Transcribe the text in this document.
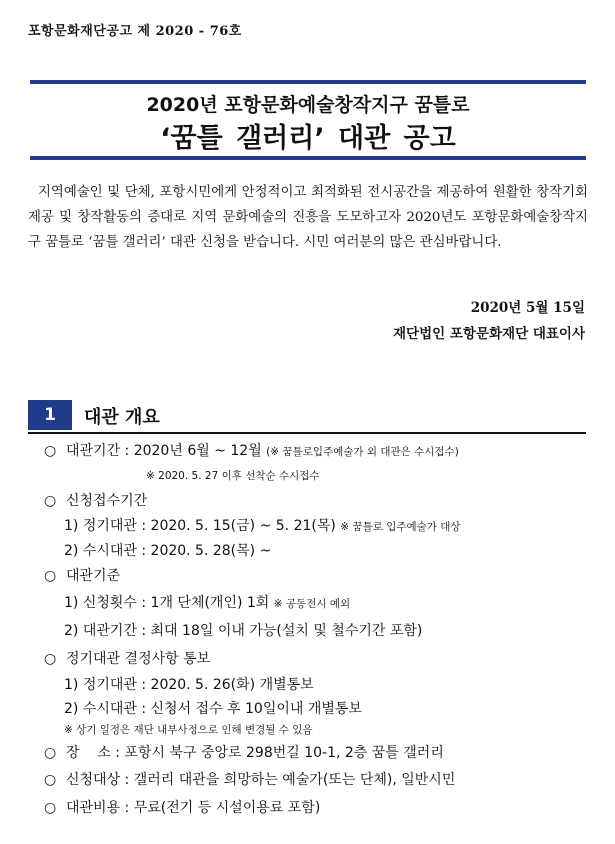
포항문화재단공고 제 2020 - 76호
2020년 포항문화예술창작지구 꿈틀로
‘꿈틀 갤러리’ 대관 공고
지역예술인 및 단체, 포항시민에게 안정적이고 최적화된 전시공간을 제공하여 원활한 창작기회 제공 및 창작활동의 증대로 지역 문화예술의 진흥을 도모하고자 2020년도 포항문화예술창작지구 꿈틀로 ‘꿈틀 갤러리’ 대관 신청을 받습니다. 시민 여러분의 많은 관심바랍니다.
2020년 5월 15일
재단법인 포항문화재단 대표이사
1	대관 개요
○ 대관기간 : 2020년 6월 ~ 12월 (※ 꿈틀로입주예술가 외 대관은 수시접수)
※ 2020. 5. 27 이후 선착순 수시접수
○ 신청접수기간
1) 정기대관 : 2020. 5. 15(금) ~ 5. 21(목) ※ 꿈틀로 입주예술가 대상
2) 수시대관 : 2020. 5. 28(목) ~
○ 대관기준
1) 신청횟수 : 1개 단체(개인) 1회 ※ 공동전시 예외
2) 대관기간 : 최대 18일 이내 가능(설치 및 철수기간 포함)
○ 정기대관 결정사항 통보
1) 정기대관 : 2020. 5. 26(화) 개별통보
2) 수시대관 : 신청서 접수 후 10일이내 개별통보
※ 상기 일정은 재단 내부사정으로 인해 변경될 수 있음
○ 장    소 : 포항시 북구 중앙로 298번길 10-1, 2층 꿈틀 갤러리
○ 신청대상 : 갤러리 대관을 희망하는 예술가(또는 단체), 일반시민
○ 대관비용 : 무료(전기 등 시설이용료 포함)
